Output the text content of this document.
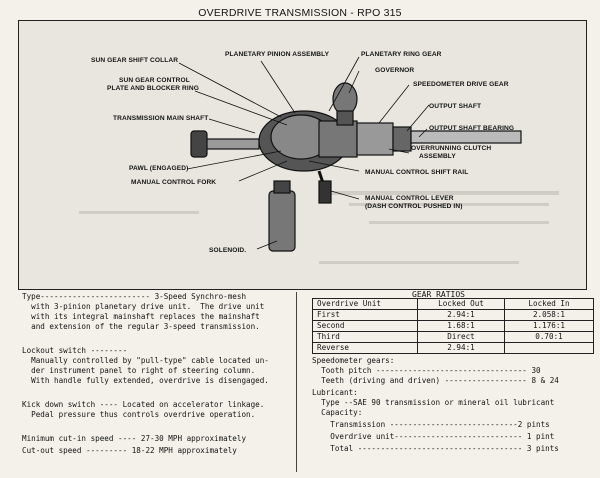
OVERDRIVE TRANSMISSION - RPO 315
SUN GEAR SHIFT COLLAR
PLANETARY PINION ASSEMBLY	PLANETARY RING GEAR
SUN GEAR CONTROL
PLATE AND BLOCKER RING
GOVERNOR
SPEEDOMETER DRIVE GEAR
TRANSMISSION MAIN SHAFT
OUTPUT SHAFT
OUTPUT SHAFT BEARING
OVERRUNNING CLUTCH
ASSEMBLY
PAWL (ENGAGED)
MANUAL CONTROL SHIFT RAIL
MANUAL CONTROL FORK
MANUAL CONTROL LEVER
(DASH CONTROL PUSHED IN)
SOLENOID.
Type------------------------ 3-Speed Synchro-mesh
with 3-pinion planetary drive unit.  The drive unit
with its integral mainshaft replaces the mainshaft
and extension of the regular 3-speed transmission.
Lockout switch --------
Manually controlled by "pull-type" cable located un-
der instrument panel to right of steering column.
With handle fully extended, overdrive is disengaged.
Kick down switch ---- Located on accelerator linkage.
Pedal pressure thus controls overdrive operation.
Minimum cut-in speed ---- 27-30 MPH approximately
Cut-out speed --------- 18-22 MPH approximately
GEAR RATIOS
Overdrive Unit	Locked Out	Locked In
First	2.94:1	2.058:1
Second	1.68:1	1.176:1
Third	Direct	0.70:1
Reverse	2.94:1	
Speedometer gears:
Tooth pitch --------------------------------- 30
Teeth (driving and driven) ------------------ 8 & 24
Lubricant:
Type --SAE 90 transmission or mineral oil lubricant
Capacity:
Transmission ----------------------------2 pints
Overdrive unit---------------------------- 1 pint
Total ------------------------------------ 3 pints
